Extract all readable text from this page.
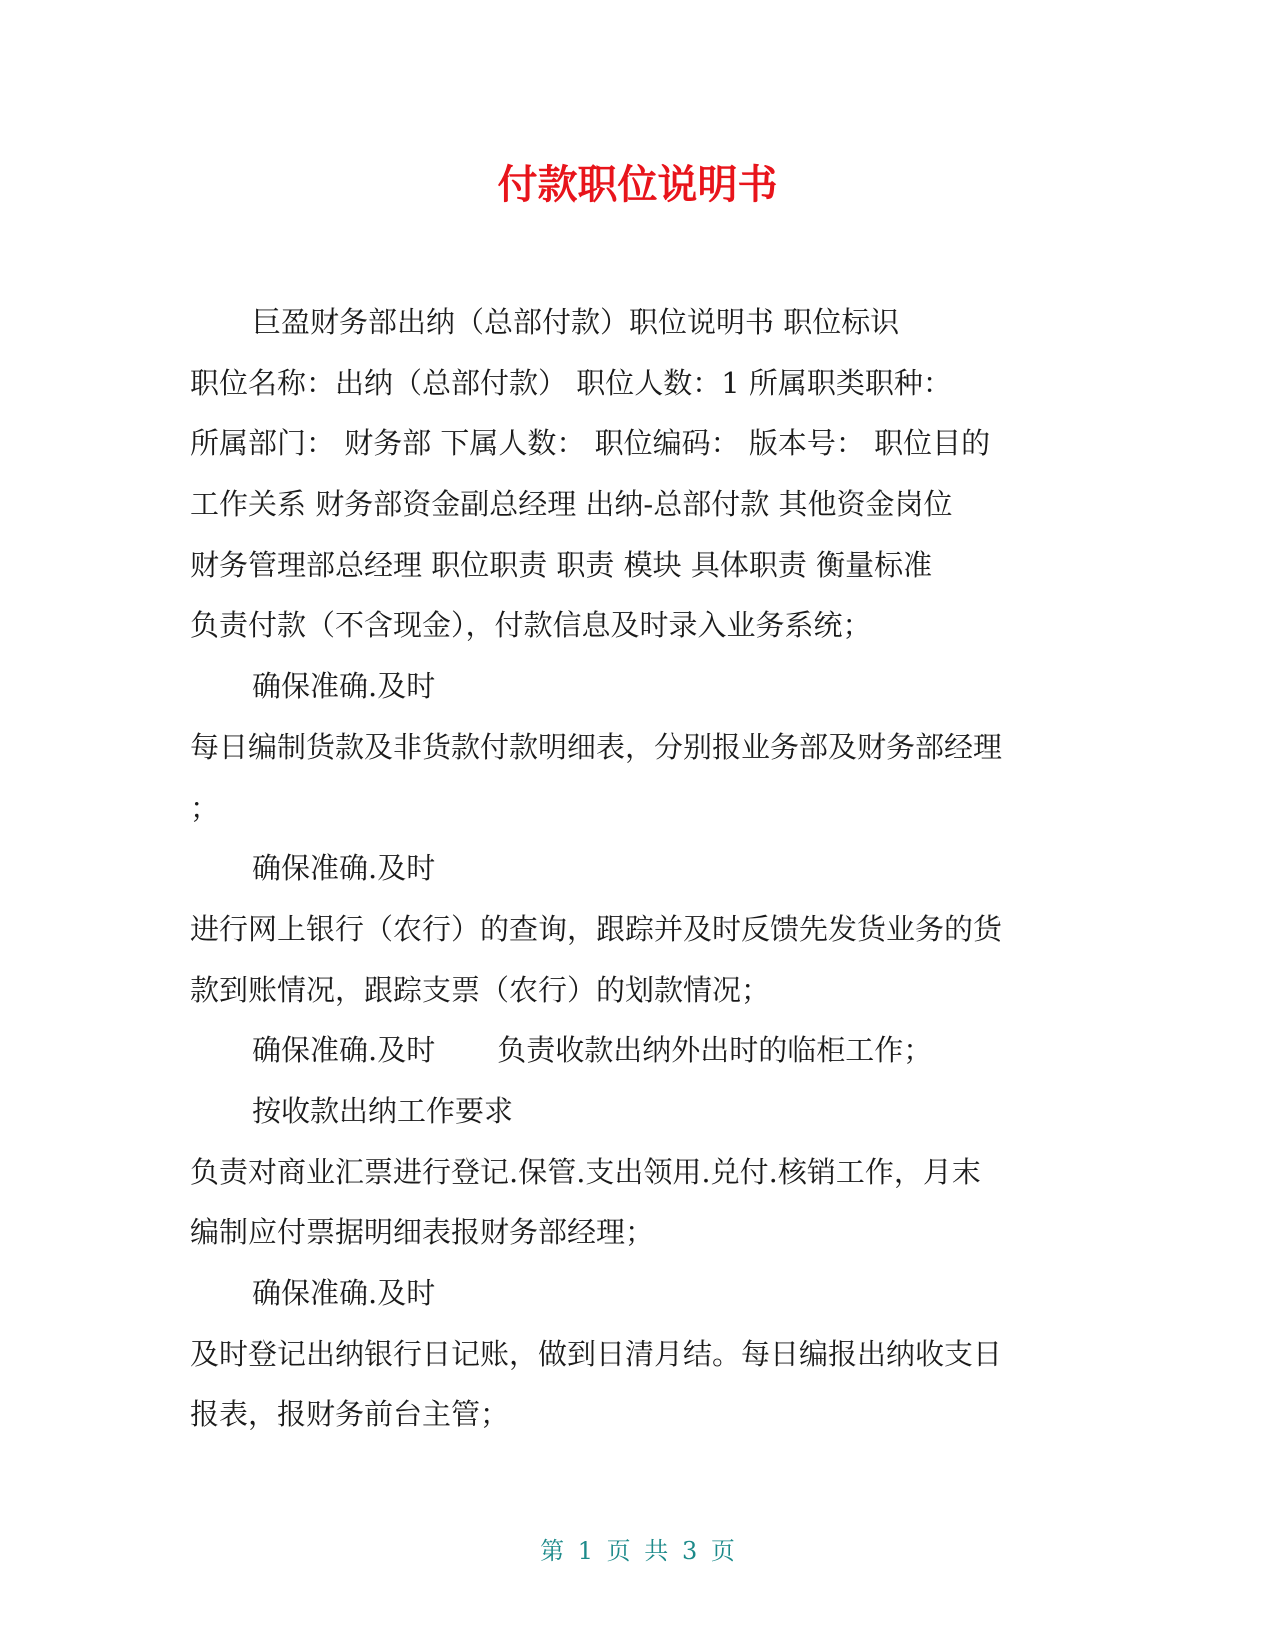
付款职位说明书
巨盈财务部出纳（总部付款）职位说明书 职位标识
职位名称：出纳（总部付款） 职位人数：1 所属职类职种：
所属部门： 财务部 下属人数： 职位编码： 版本号： 职位目的
工作关系 财务部资金副总经理 出纳-总部付款 其他资金岗位
财务管理部总经理 职位职责 职责 模块 具体职责 衡量标准
负责付款（不含现金），付款信息及时录入业务系统；
确保准确.及时
每日编制货款及非货款付款明细表，分别报业务部及财务部经理
；
确保准确.及时
进行网上银行（农行）的查询，跟踪并及时反馈先发货业务的货
款到账情况，跟踪支票（农行）的划款情况；
确保准确.及时 负责收款出纳外出时的临柜工作；
按收款出纳工作要求
负责对商业汇票进行登记.保管.支出领用.兑付.核销工作，月末
编制应付票据明细表报财务部经理；
确保准确.及时
及时登记出纳银行日记账，做到日清月结。每日编报出纳收支日
报表，报财务前台主管；
第 1 页 共 3 页
